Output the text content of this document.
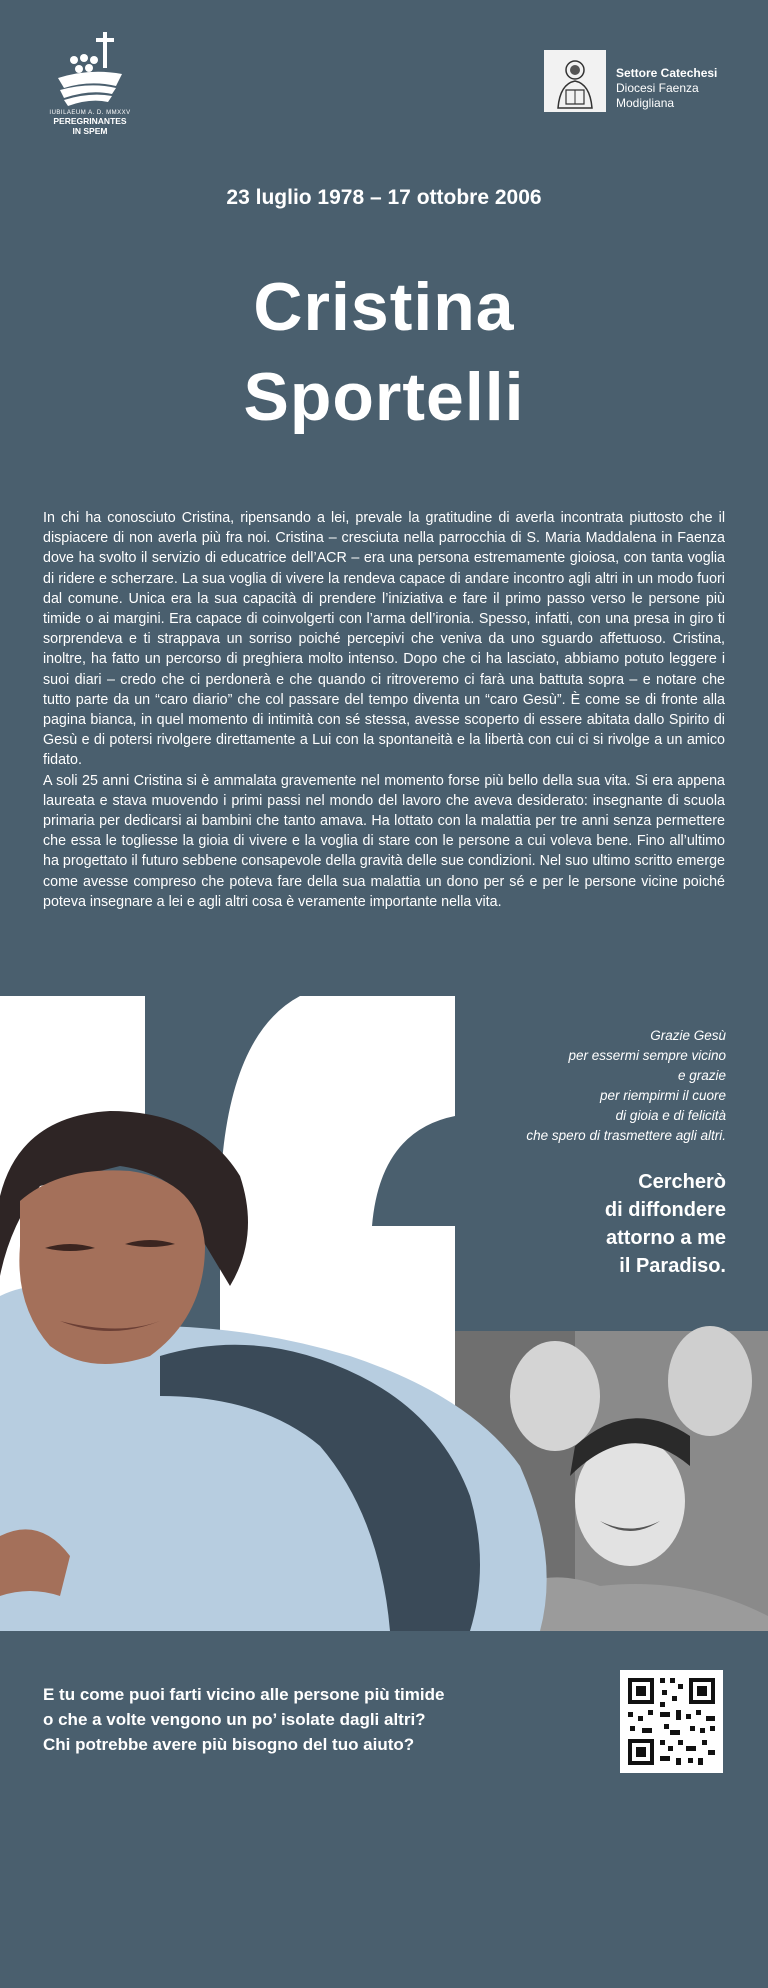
IUBILAEUM A. D. MMXXV
PEREGRINANTES
IN SPEM
Settore Catechesi
Diocesi Faenza
Modigliana
23 luglio 1978 – 17 ottobre 2006
Cristina
Sportelli

In chi ha conosciuto Cristina, ripensando a lei, prevale la gratitudine di averla incontrata piuttosto che il dispiacere di non averla più fra noi. Cristina – cresciuta nella parrocchia di S. Maria Maddalena in Faenza dove ha svolto il servizio di educatrice dell’ACR – era una persona estremamente gioiosa, con tanta voglia di ridere e scherzare. La sua voglia di vivere la rendeva capace di andare incontro agli altri in un modo fuori dal comune. Unica era la sua capacità di prendere l’iniziativa e fare il primo passo verso le persone più timide o ai margini. Era capace di coinvolgerti con l’arma dell’ironia. Spesso, infatti, con una presa in giro ti sorprendeva e ti strappava un sorriso poiché percepivi che veniva da uno sguardo affettuoso. Cristina, inoltre, ha fatto un percorso di preghiera molto intenso. Dopo che ci ha lasciato, abbiamo potuto leggere i suoi diari – credo che ci perdonerà e che quando ci ritroveremo ci farà una battuta sopra – e notare che tutto parte da un “caro diario” che col passare del tempo diventa un “caro Gesù”. È come se di fronte alla pagina bianca, in quel momento di intimità con sé stessa, avesse scoperto di essere abitata dallo Spirito di Gesù e di potersi rivolgere direttamente a Lui con la spontaneità e la libertà con cui ci si rivolge a un amico fidato.

A soli 25 anni Cristina si è ammalata gravemente nel momento forse più bello della sua vita. Si era appena laureata e stava muovendo i primi passi nel mondo del lavoro che aveva desiderato: insegnante di scuola primaria per dedicarsi ai bambini che tanto amava. Ha lottato con la malattia per tre anni senza permettere che essa le togliesse la gioia di vivere e la voglia di stare con le persone a cui voleva bene. Fino all’ultimo ha progettato il futuro sebbene consapevole della gravità delle sue condizioni. Nel suo ultimo scritto emerge come avesse compreso che poteva fare della sua malattia un dono per sé e per le persone vicine poiché poteva insegnare a lei e agli altri cosa è veramente importante nella vita.

Grazie Gesù
per essermi sempre vicino
e grazie
per riempirmi il cuore
di gioia e di felicità
che spero di trasmettere agli altri.
Cercherò
di diffondere
attorno a me
il Paradiso.
E tu come puoi farti vicino alle persone più timide
o che a volte vengono un po’ isolate dagli altri?
Chi potrebbe avere più bisogno del tuo aiuto?
